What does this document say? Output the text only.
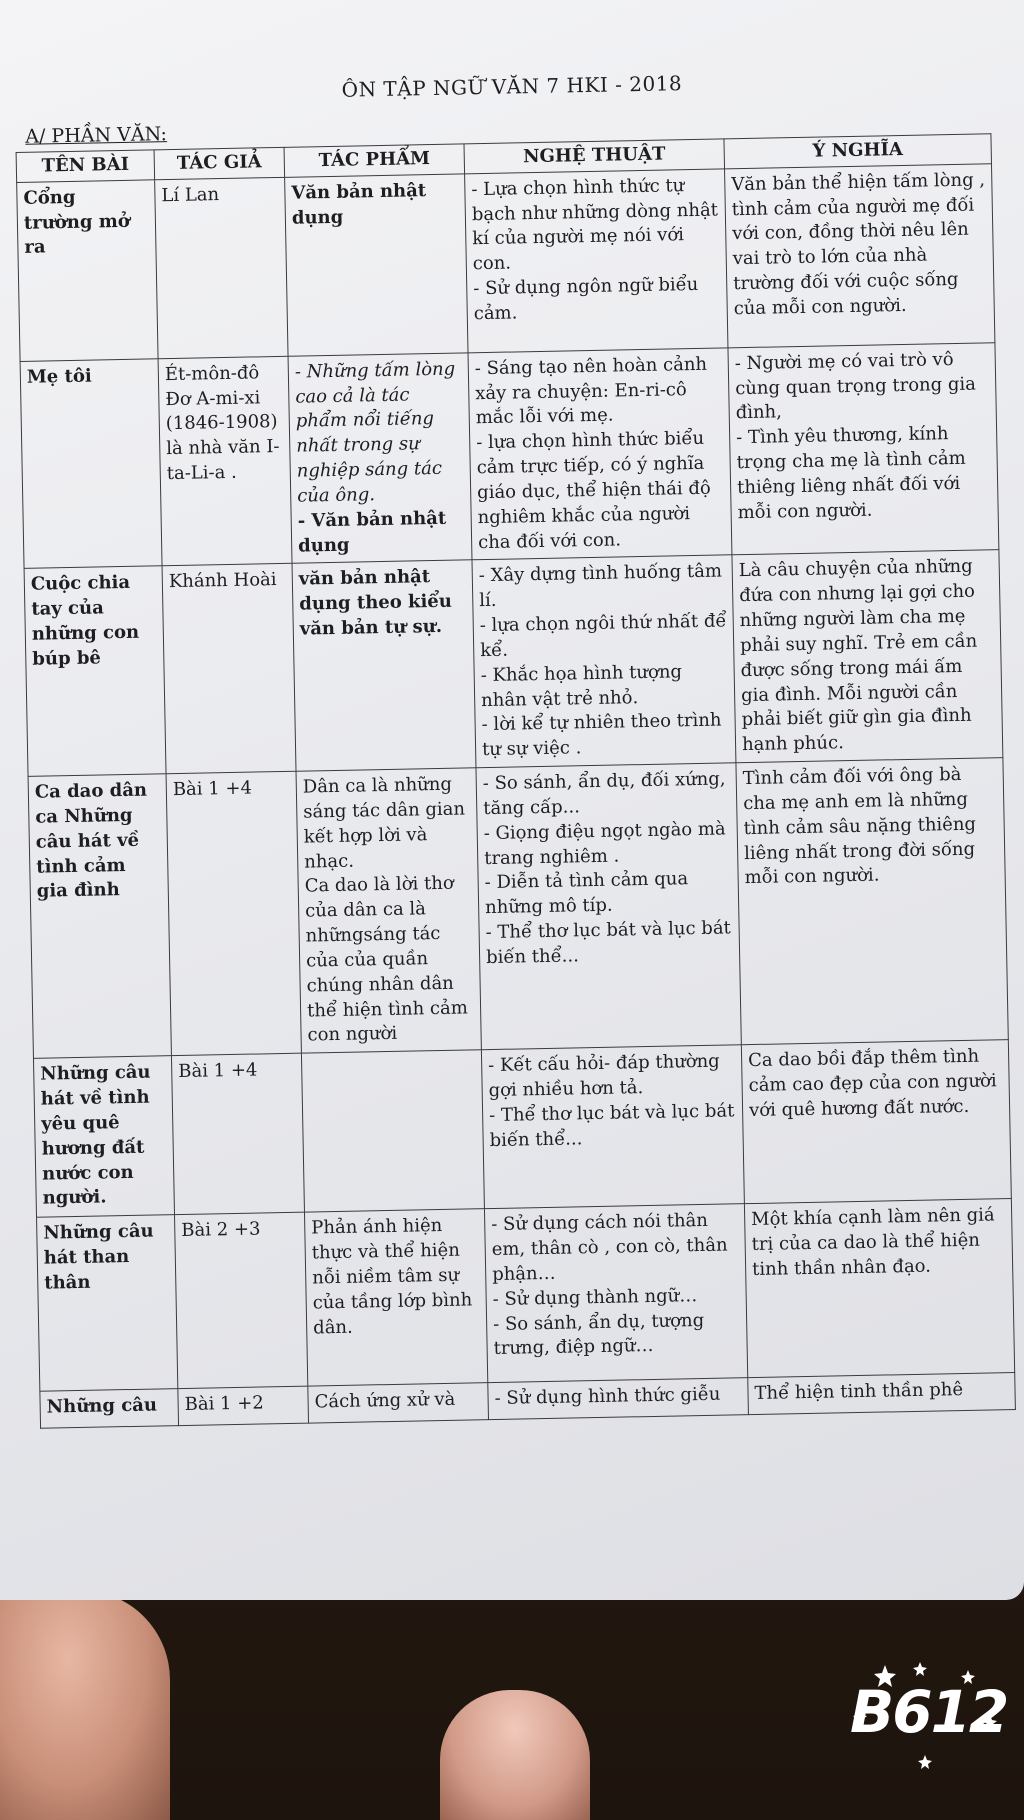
ÔN TẬP NGỮ VĂN 7 HKI - 2018
A/ PHẦN VĂN:
TÊN BÀI	TÁC GIẢ	TÁC PHẨM	NGHỆ THUẬT	Ý NGHĨA
Cổng trường mở ra	Lí Lan	Văn bản nhật dụng	- Lựa chọn hình thức tự bạch như những dòng nhật kí của người mẹ nói với con.
- Sử dụng ngôn ngữ biểu cảm.	Văn bản thể hiện tấm lòng , tình cảm của người mẹ đối với con, đồng thời nêu lên vai trò to lớn của nhà trường đối với cuộc sống của mỗi con người.

Mẹ tôi	Ét-môn-đô Đơ A-mi-xi (1846-1908) là nhà văn I-ta-Li-a .	- Những tấm lòng cao cả là tác phẩm nổi tiếng nhất trong sự nghiệp sáng tác của ông.
- Văn bản nhật dụng	- Sáng tạo nên hoàn cảnh xảy ra chuyện: En-ri-cô mắc lỗi với mẹ.
- lựa chọn hình thức biểu cảm trực tiếp, có ý nghĩa giáo dục, thể hiện thái độ nghiêm khắc của người cha đối với con.	- Người mẹ có vai trò vô cùng quan trọng trong gia đình,
- Tình yêu thương, kính trọng cha mẹ là tình cảm thiêng liêng nhất đối với mỗi con người.

Cuộc chia tay của những con búp bê	Khánh Hoài	văn bản nhật dụng theo kiểu văn bản tự sự.	- Xây dựng tình huống tâm lí.
- lựa chọn ngôi thứ nhất để kể.
- Khắc họa hình tượng nhân vật trẻ nhỏ.
- lời kể tự nhiên theo trình tự sự việc .	Là câu chuyện của những đứa con nhưng lại gợi cho những người làm cha mẹ phải suy nghĩ. Trẻ em cần được sống trong mái ấm gia đình. Mỗi người cần phải biết giữ gìn gia đình hạnh phúc.

Ca dao dân ca Những câu hát về tình cảm gia đình	Bài 1 +4	Dân ca là những sáng tác dân gian kết hợp lời và nhạc.
Ca dao là lời thơ của dân ca là nhữngsáng tác của của quần chúng nhân dân thể hiện tình cảm con người	- So sánh, ẩn dụ, đối xứng, tăng cấp...
- Giọng điệu ngọt ngào mà trang nghiêm .
- Diễn tả tình cảm qua những mô típ.
- Thể thơ lục bát và lục bát biến thể...	Tình cảm đối với ông bà cha mẹ anh em là những tình cảm sâu nặng thiêng liêng nhất trong đời sống mỗi con người.

Những câu hát về tình yêu quê hương đất nước con người.	Bài 1 +4		- Kết cấu hỏi- đáp thường gợi nhiều hơn tả.
- Thể thơ lục bát và lục bát biến thể...	Ca dao bồi đắp thêm tình cảm cao đẹp của con người với quê hương đất nước.

Những câu hát than thân	Bài 2 +3	Phản ánh hiện thực và thể hiện nỗi niềm tâm sự của tầng lớp bình dân.	- Sử dụng cách nói thân em, thân cò , con cò, thân phận…
- Sử dụng thành ngữ…
- So sánh, ẩn dụ, tượng trưng, điệp ngữ…	Một khía cạnh làm nên giá trị của ca dao là thể hiện tinh thần nhân đạo.

Những câu	Bài 1 +2	Cách ứng xử và	- Sử dụng hình thức giễu	Thể hiện tinh thần phê
B612
